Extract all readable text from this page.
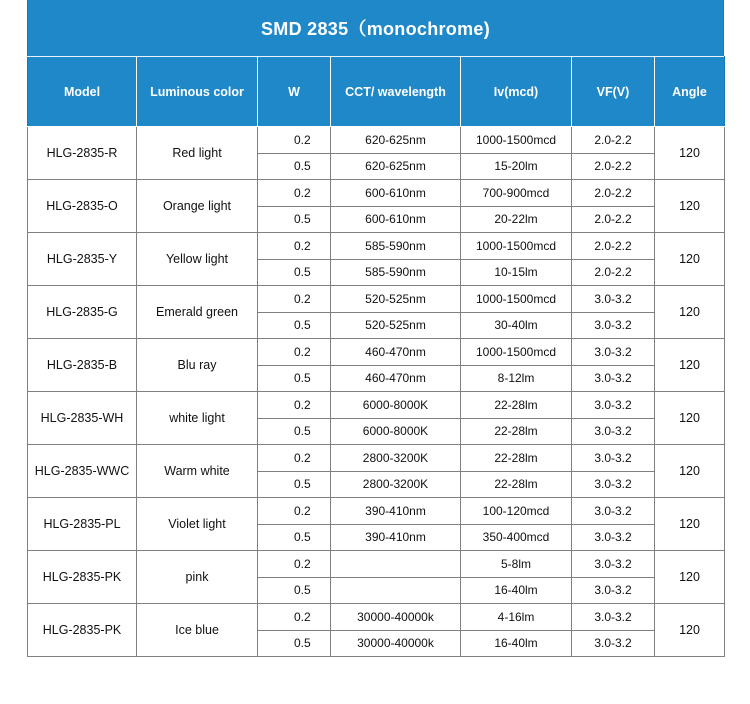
SMD 2835（monochrome)
Model	Luminous color	W	CCT/ wavelength	Iv(mcd)	VF(V)	Angle
HLG-2835-R	Red light	0.2	620-625nm	1000-1500mcd	2.0-2.2	120
		0.5	620-625nm	15-20lm	2.0-2.2	
HLG-2835-O	Orange light	0.2	600-610nm	700-900mcd	2.0-2.2	120
		0.5	600-610nm	20-22lm	2.0-2.2	
HLG-2835-Y	Yellow light	0.2	585-590nm	1000-1500mcd	2.0-2.2	120
		0.5	585-590nm	10-15lm	2.0-2.2	
HLG-2835-G	Emerald green	0.2	520-525nm	1000-1500mcd	3.0-3.2	120
		0.5	520-525nm	30-40lm	3.0-3.2	
HLG-2835-B	Blu ray	0.2	460-470nm	1000-1500mcd	3.0-3.2	120
		0.5	460-470nm	8-12lm	3.0-3.2	
HLG-2835-WH	white light	0.2	6000-8000K	22-28lm	3.0-3.2	120
		0.5	6000-8000K	22-28lm	3.0-3.2	
HLG-2835-WWC	Warm white	0.2	2800-3200K	22-28lm	3.0-3.2	120
		0.5	2800-3200K	22-28lm	3.0-3.2	
HLG-2835-PL	Violet light	0.2	390-410nm	100-120mcd	3.0-3.2	120
		0.5	390-410nm	350-400mcd	3.0-3.2	
HLG-2835-PK	pink	0.2		5-8lm	3.0-3.2	120
		0.5		16-40lm	3.0-3.2	
HLG-2835-PK	Ice blue	0.2	30000-40000k	4-16lm	3.0-3.2	120
		0.5	30000-40000k	16-40lm	3.0-3.2	
